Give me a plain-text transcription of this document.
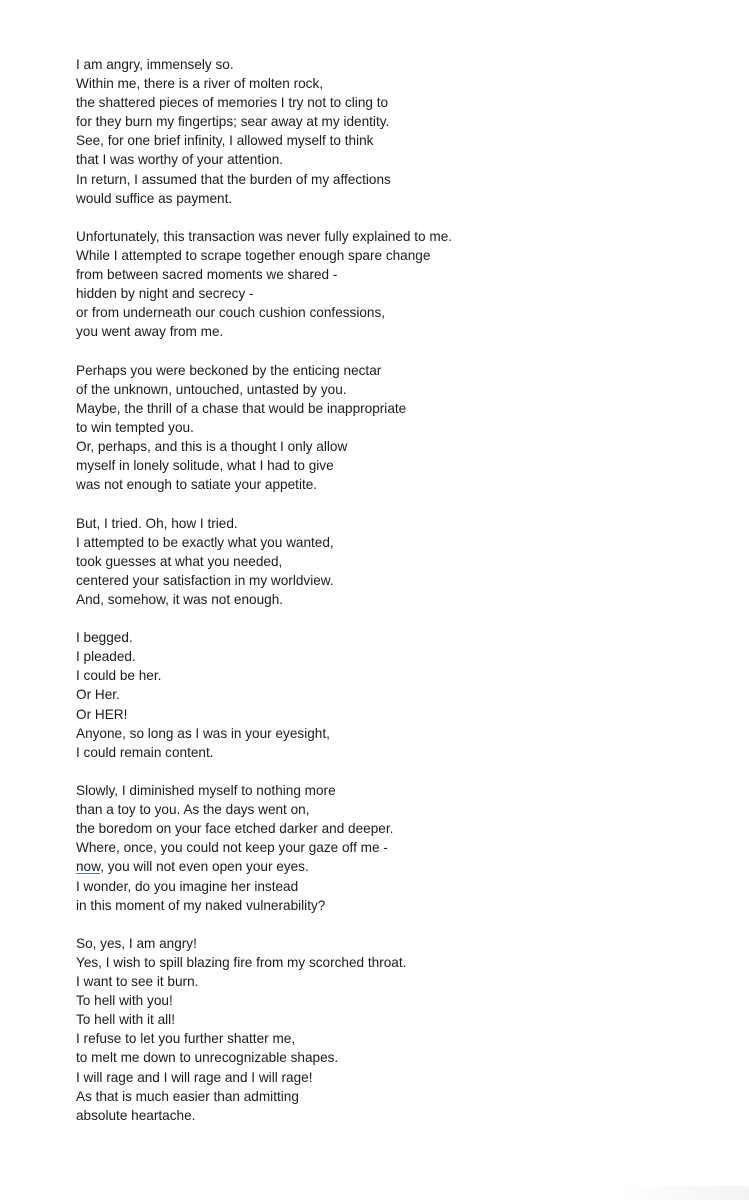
I am angry, immensely so.
Within me, there is a river of molten rock,
the shattered pieces of memories I try not to cling to
for they burn my fingertips; sear away at my identity.
See, for one brief infinity, I allowed myself to think
that I was worthy of your attention.
In return, I assumed that the burden of my affections
would suffice as payment.
Unfortunately, this transaction was never fully explained to me.
While I attempted to scrape together enough spare change
from between sacred moments we shared -
hidden by night and secrecy -
or from underneath our couch cushion confessions,
you went away from me.
Perhaps you were beckoned by the enticing nectar
of the unknown, untouched, untasted by you.
Maybe, the thrill of a chase that would be inappropriate
to win tempted you.
Or, perhaps, and this is a thought I only allow
myself in lonely solitude, what I had to give
was not enough to satiate your appetite.
But, I tried. Oh, how I tried.
I attempted to be exactly what you wanted,
took guesses at what you needed,
centered your satisfaction in my worldview.
And, somehow, it was not enough.
I begged.
I pleaded.
I could be her.
Or Her.
Or HER!
Anyone, so long as I was in your eyesight,
I could remain content.
Slowly, I diminished myself to nothing more
than a toy to you. As the days went on,
the boredom on your face etched darker and deeper.
Where, once, you could not keep your gaze off me -
now, you will not even open your eyes.
I wonder, do you imagine her instead
in this moment of my naked vulnerability?
So, yes, I am angry!
Yes, I wish to spill blazing fire from my scorched throat.
I want to see it burn.
To hell with you!
To hell with it all!
I refuse to let you further shatter me,
to melt me down to unrecognizable shapes.
I will rage and I will rage and I will rage!
As that is much easier than admitting
absolute heartache.
